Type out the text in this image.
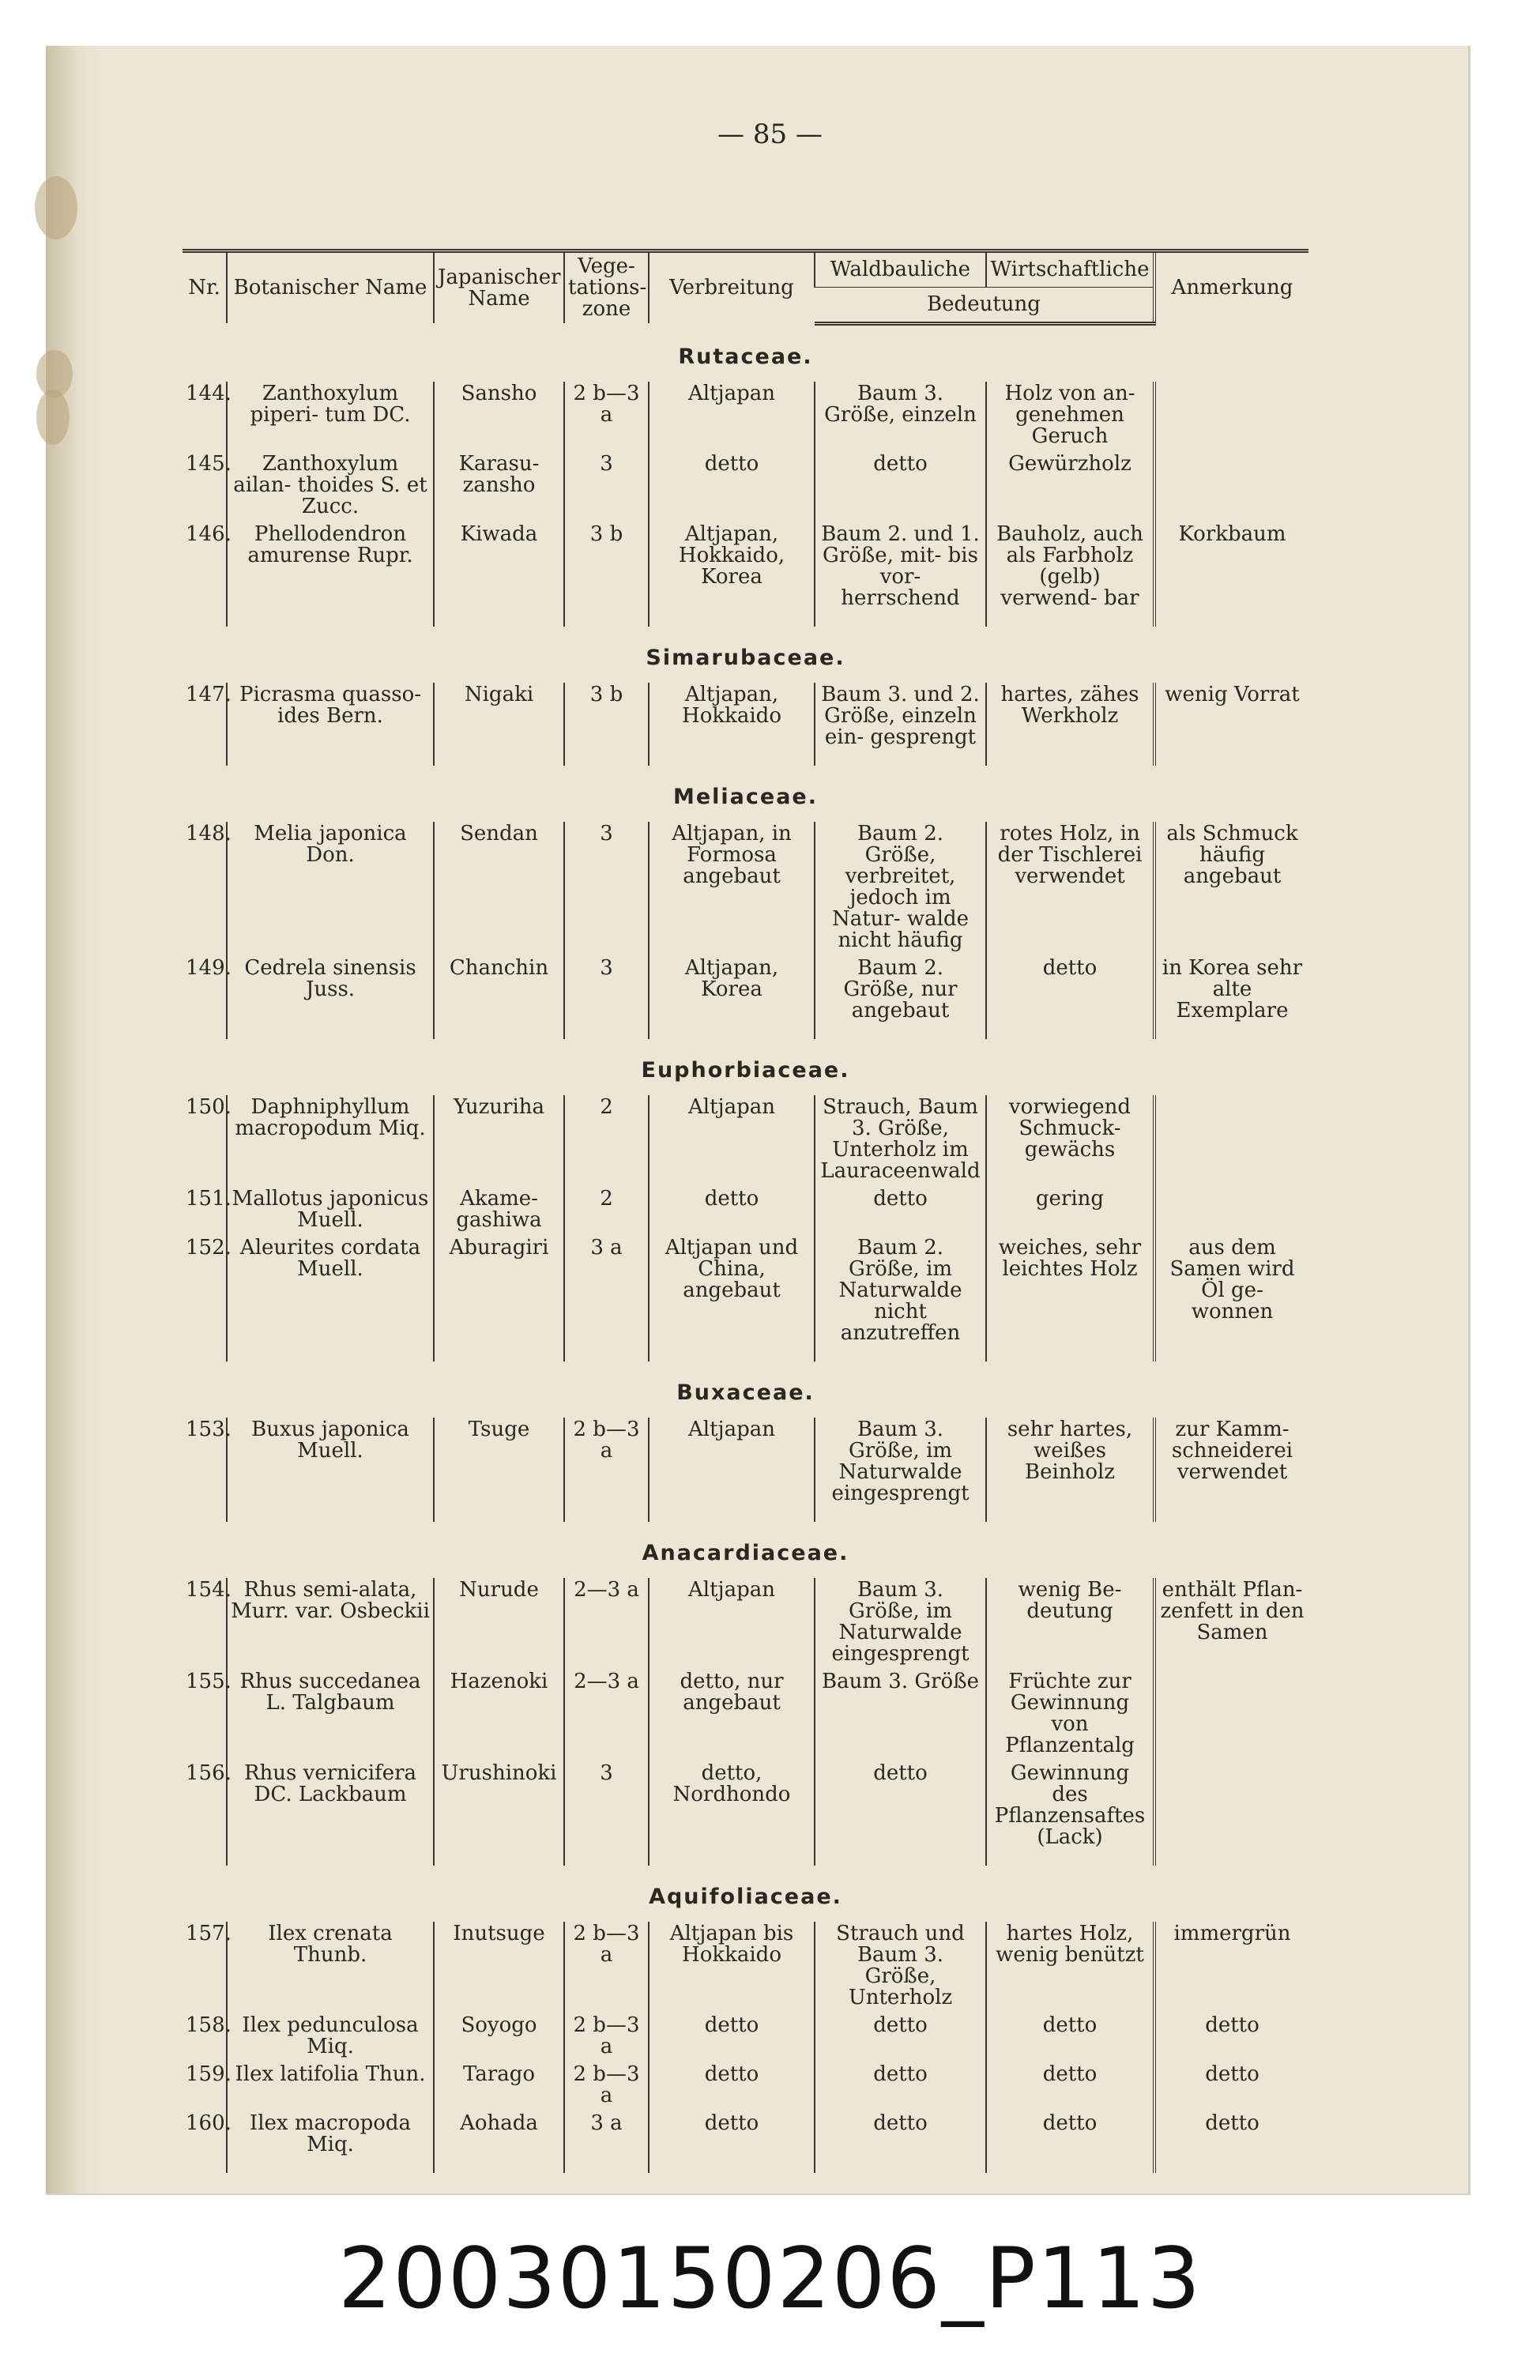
— 85 —
Nr.	Botanischer Name	Japanischer Name	Vege- tations- zone	Verbreitung	Waldbauliche	Wirtschaftliche	Anmerkung
					Bedeutung		
Rutaceae.							
144.	Zanthoxylum piperi- tum DC.	Sansho	2 b—3 a	Altjapan	Baum 3. Größe, einzeln	Holz von an- genehmen Geruch	
145.	Zanthoxylum ailan- thoides S. et Zucc.	Karasu- zansho	3	detto	detto	Gewürzholz	
146.	Phellodendron amurense Rupr.	Kiwada	3 b	Altjapan, Hokkaido, Korea	Baum 2. und 1. Größe, mit- bis vor- herrschend	Bauholz, auch als Farbholz (gelb) verwend- bar	Korkbaum
Simarubaceae.							
147.	Picrasma quasso- ides Bern.	Nigaki	3 b	Altjapan, Hokkaido	Baum 3. und 2. Größe, einzeln ein- gesprengt	hartes, zähes Werkholz	wenig Vorrat
Meliaceae.							
148.	Melia japonica Don.	Sendan	3	Altjapan, in Formosa angebaut	Baum 2. Größe, verbreitet, jedoch im Natur- walde nicht häufig	rotes Holz, in der Tischlerei verwendet	als Schmuck häufig angebaut
149.	Cedrela sinensis Juss.	Chanchin	3	Altjapan, Korea	Baum 2. Größe, nur angebaut	detto	in Korea sehr alte Exemplare
Euphorbiaceae.							
150.	Daphniphyllum macropodum Miq.	Yuzuriha	2	Altjapan	Strauch, Baum 3. Größe, Unterholz im Lauraceenwald	vorwiegend Schmuck- gewächs	
151.	Mallotus japonicus Muell.	Akame- gashiwa	2	detto	detto	gering	
152.	Aleurites cordata Muell.	Aburagiri	3 a	Altjapan und China, angebaut	Baum 2. Größe, im Naturwalde nicht anzutreffen	weiches, sehr leichtes Holz	aus dem Samen wird Öl ge- wonnen
Buxaceae.							
153.	Buxus japonica Muell.	Tsuge	2 b—3 a	Altjapan	Baum 3. Größe, im Naturwalde eingesprengt	sehr hartes, weißes Beinholz	zur Kamm- schneiderei verwendet
Anacardiaceae.							
154.	Rhus semi-alata, Murr. var. Osbeckii	Nurude	2—3 a	Altjapan	Baum 3. Größe, im Naturwalde eingesprengt	wenig Be- deutung	enthält Pflan- zenfett in den Samen
155.	Rhus succedanea L. Talgbaum	Hazenoki	2—3 a	detto, nur angebaut	Baum 3. Größe	Früchte zur Gewinnung von Pflanzentalg	
156.	Rhus vernicifera DC. Lackbaum	Urushinoki	3	detto, Nordhondo	detto	Gewinnung des Pflanzensaftes (Lack)	
Aquifoliaceae.							
157.	Ilex crenata Thunb.	Inutsuge	2 b—3 a	Altjapan bis Hokkaido	Strauch und Baum 3. Größe, Unterholz	hartes Holz, wenig benützt	immergrün
158.	Ilex pedunculosa Miq.	Soyogo	2 b—3 a	detto	detto	detto	detto
159.	Ilex latifolia Thun.	Tarago	2 b—3 a	detto	detto	detto	detto
160.	Ilex macropoda Miq.	Aohada	3 a	detto	detto	detto	detto
20030150206_P113
